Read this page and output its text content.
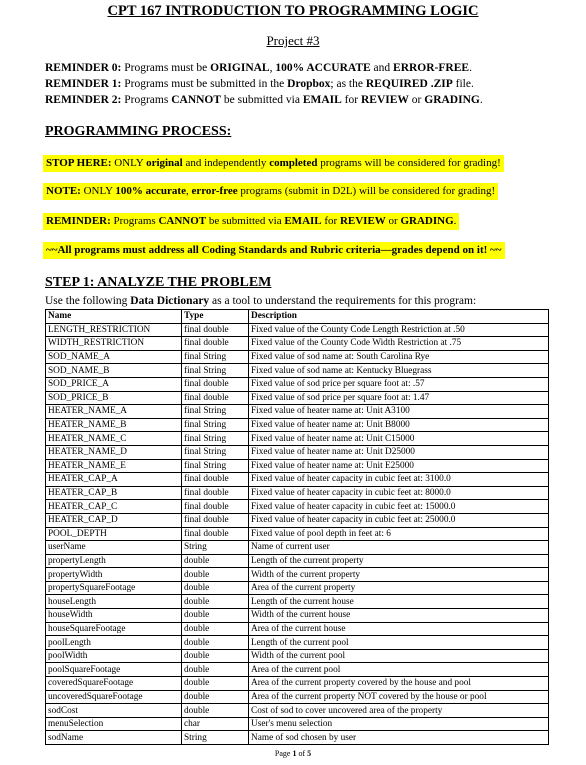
CPT 167 INTRODUCTION TO PROGRAMMING LOGIC
Project #3
REMINDER 0: Programs must be ORIGINAL, 100% ACCURATE and ERROR-FREE.
REMINDER 1: Programs must be submitted in the Dropbox; as the REQUIRED .ZIP file.
REMINDER 2: Programs CANNOT be submitted via EMAIL for REVIEW or GRADING.
PROGRAMMING PROCESS:
STOP HERE: ONLY original and independently completed programs will be considered for grading!
NOTE: ONLY 100% accurate, error-free programs (submit in D2L) will be considered for grading!
REMINDER: Programs CANNOT be submitted via EMAIL for REVIEW or GRADING.
~~All programs must address all Coding Standards and Rubric criteria—grades depend on it! ~~
STEP 1: ANALYZE THE PROBLEM
Use the following Data Dictionary as a tool to understand the requirements for this program:
Name	Type	Description
LENGTH_RESTRICTION	final double	Fixed value of the County Code Length Restriction at .50
WIDTH_RESTRICTION	final double	Fixed value of the County Code Width Restriction at .75
SOD_NAME_A	final String	Fixed value of sod name at: South Carolina Rye
SOD_NAME_B	final String	Fixed value of sod name at: Kentucky Bluegrass
SOD_PRICE_A	final double	Fixed value of sod price per square foot at: .57
SOD_PRICE_B	final double	Fixed value of sod price per square foot at: 1.47
HEATER_NAME_A	final String	Fixed value of heater name at: Unit A3100
HEATER_NAME_B	final String	Fixed value of heater name at: Unit B8000
HEATER_NAME_C	final String	Fixed value of heater name at: Unit C15000
HEATER_NAME_D	final String	Fixed value of heater name at: Unit D25000
HEATER_NAME_E	final String	Fixed value of heater name at: Unit E25000
HEATER_CAP_A	final double	Fixed value of heater capacity in cubic feet at: 3100.0
HEATER_CAP_B	final double	Fixed value of heater capacity in cubic feet at: 8000.0
HEATER_CAP_C	final double	Fixed value of heater capacity in cubic feet at: 15000.0
HEATER_CAP_D	final double	Fixed value of heater capacity in cubic feet at: 25000.0
POOL_DEPTH	final double	Fixed value of pool depth in feet at: 6
userName	String	Name of current user
propertyLength	double	Length of the current property
propertyWidth	double	Width of the current property
propertySquareFootage	double	Area of the current property
houseLength	double	Length of the current house
houseWidth	double	Width of the current house
houseSquareFootage	double	Area of the current house
poolLength	double	Length of the current pool
poolWidth	double	Width of the current pool
poolSquareFootage	double	Area of the current pool
coveredSquareFootage	double	Area of the current property covered by the house and pool
uncoveredSquareFootage	double	Area of the current property NOT covered by the house or pool
sodCost	double	Cost of sod to cover uncovered area of the property
menuSelection	char	User's menu selection
sodName	String	Name of sod chosen by user
Page 1 of 5
